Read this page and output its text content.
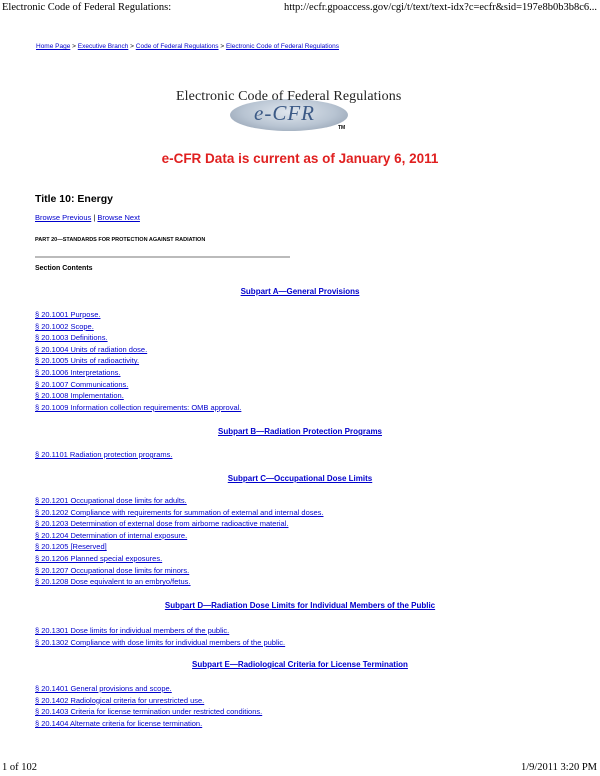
Electronic Code of Federal Regulations:	http://ecfr.gpoaccess.gov/cgi/t/text/text-idx?c=ecfr&sid=197e8b0b3b8c6...
Home Page > Executive Branch > Code of Federal Regulations > Electronic Code of Federal Regulations
Electronic Code of Federal Regulations
e-CFR
TM
e-CFR Data is current as of January 6, 2011
Title 10: Energy
Browse Previous | Browse Next
PART 20—STANDARDS FOR PROTECTION AGAINST RADIATION
Section Contents
Subpart A—General Provisions
§ 20.1001 Purpose.
§ 20.1002 Scope.
§ 20.1003 Definitions.
§ 20.1004 Units of radiation dose.
§ 20.1005 Units of radioactivity.
§ 20.1006 Interpretations.
§ 20.1007 Communications.
§ 20.1008 Implementation.
§ 20.1009 Information collection requirements: OMB approval.
Subpart B—Radiation Protection Programs
§ 20.1101 Radiation protection programs.
Subpart C—Occupational Dose Limits
§ 20.1201 Occupational dose limits for adults.
§ 20.1202 Compliance with requirements for summation of external and internal doses.
§ 20.1203 Determination of external dose from airborne radioactive material.
§ 20.1204 Determination of internal exposure.
§ 20.1205 [Reserved]
§ 20.1206 Planned special exposures.
§ 20.1207 Occupational dose limits for minors.
§ 20.1208 Dose equivalent to an embryo/fetus.
Subpart D—Radiation Dose Limits for Individual Members of the Public
§ 20.1301 Dose limits for individual members of the public.
§ 20.1302 Compliance with dose limits for individual members of the public.
Subpart E—Radiological Criteria for License Termination
§ 20.1401 General provisions and scope.
§ 20.1402 Radiological criteria for unrestricted use.
§ 20.1403 Criteria for license termination under restricted conditions.
§ 20.1404 Alternate criteria for license termination.
1 of 102	1/9/2011 3:20 PM
